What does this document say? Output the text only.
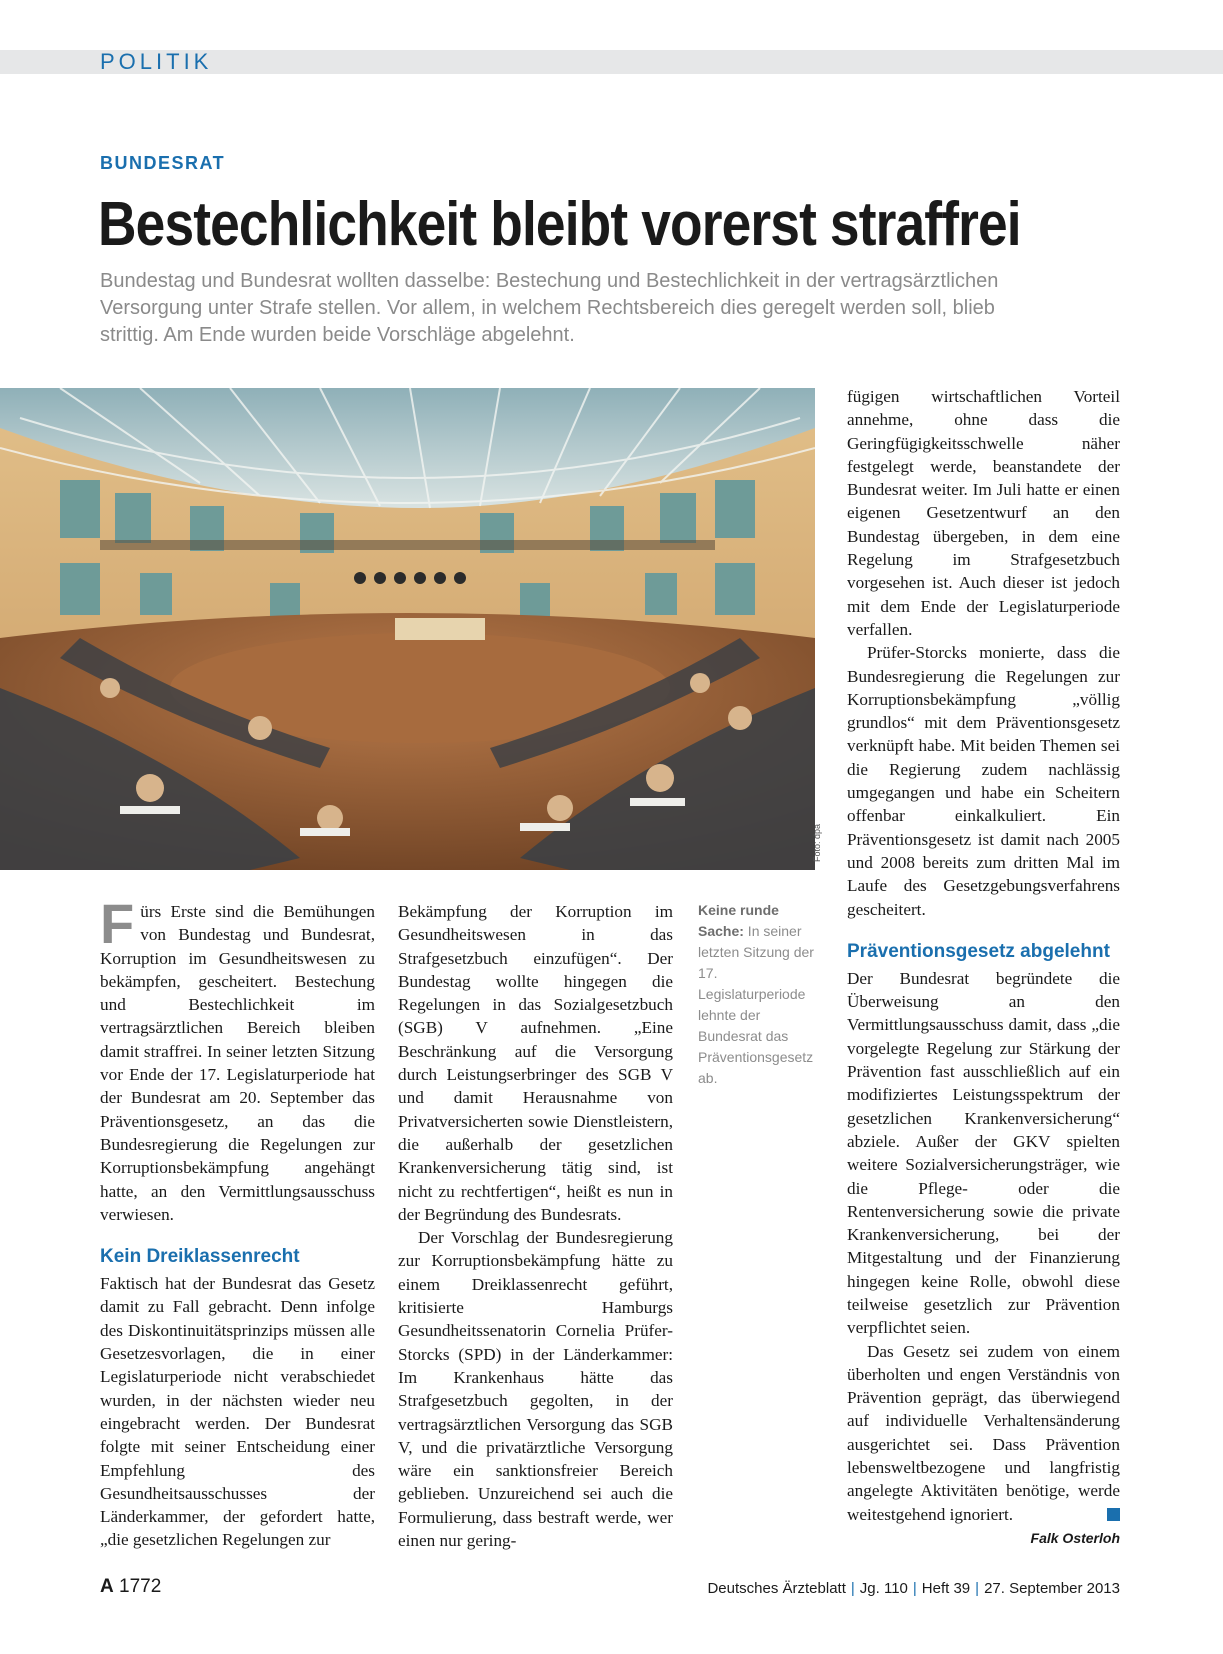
POLITIK
BUNDESRAT
Bestechlichkeit bleibt vorerst straffrei

Bundestag und Bundesrat wollten dasselbe: Bestechung und Bestechlichkeit in der vertragsärztlichen Versorgung unter Strafe stellen. Vor allem, in welchem Rechtsbereich dies geregelt werden soll, blieb strittig. Am Ende wurden beide Vorschläge abgelehnt.

Foto: dpa

Fürs Erste sind die Bemühungen von Bundestag und Bundesrat, Korruption im Gesundheitswesen zu bekämpfen, gescheitert. Bestechung und Bestechlichkeit im vertragsärztlichen Bereich bleiben damit straffrei. In seiner letzten Sitzung vor Ende der 17. Legislaturperiode hat der Bundesrat am 20. September das Präventionsgesetz, an das die Bundesregierung die Regelungen zur Korruptionsbekämpfung angehängt hatte, an den Vermittlungsausschuss verwiesen.

Kein Dreiklassenrecht

Faktisch hat der Bundesrat das Gesetz damit zu Fall gebracht. Denn infolge des Diskontinuitätsprinzips müssen alle Gesetzesvorlagen, die in einer Legislaturperiode nicht verabschiedet wurden, in der nächsten wieder neu eingebracht werden. Der Bundesrat folgte mit seiner Entscheidung einer Empfehlung des Gesundheitsausschusses der Länderkammer, der gefordert hatte, „die gesetzlichen Regelungen zur

Bekämpfung der Korruption im Gesundheitswesen in das Strafgesetzbuch einzufügen“. Der Bundestag wollte hingegen die Regelungen in das Sozialgesetzbuch (SGB) V aufnehmen. „Eine Beschränkung auf die Versorgung durch Leistungserbringer des SGB V und damit Herausnahme von Privatversicherten sowie Dienstleistern, die außerhalb der gesetzlichen Krankenversicherung tätig sind, ist nicht zu rechtfertigen“, heißt es nun in der Begründung des Bundesrats.

Der Vorschlag der Bundesregierung zur Korruptionsbekämpfung hätte zu einem Dreiklassenrecht geführt, kritisierte Hamburgs Gesundheitssenatorin Cornelia Prüfer-Storcks (SPD) in der Länderkammer: Im Krankenhaus hätte das Strafgesetzbuch gegolten, in der vertragsärztlichen Versorgung das SGB V, und die privatärztliche Versorgung wäre ein sanktionsfreier Bereich geblieben. Unzureichend sei auch die Formulierung, dass bestraft werde, wer einen nur gering-

Keine runde Sache: In seiner letzten Sitzung der 17. Legislaturperiode lehnte der Bundesrat das Präventionsgesetz ab.

fügigen wirtschaftlichen Vorteil annehme, ohne dass die Geringfügigkeitsschwelle näher festgelegt werde, beanstandete der Bundesrat weiter. Im Juli hatte er einen eigenen Gesetzentwurf an den Bundestag übergeben, in dem eine Regelung im Strafgesetzbuch vorgesehen ist. Auch dieser ist jedoch mit dem Ende der Legislaturperiode verfallen.

Prüfer-Storcks monierte, dass die Bundesregierung die Regelungen zur Korruptionsbekämpfung „völlig grundlos“ mit dem Präventionsgesetz verknüpft habe. Mit beiden Themen sei die Regierung zudem nachlässig umgegangen und habe ein Scheitern offenbar einkalkuliert. Ein Präventionsgesetz ist damit nach 2005 und 2008 bereits zum dritten Mal im Laufe des Gesetzgebungsverfahrens gescheitert.

Präventionsgesetz abgelehnt

Der Bundesrat begründete die Überweisung an den Vermittlungsausschuss damit, dass „die vorgelegte Regelung zur Stärkung der Prävention fast ausschließlich auf ein modifiziertes Leistungsspektrum der gesetzlichen Krankenversicherung“ abziele. Außer der GKV spielten weitere Sozialversicherungsträger, wie die Pflege- oder die Rentenversicherung sowie die private Krankenversicherung, bei der Mitgestaltung und der Finanzierung hingegen keine Rolle, obwohl diese teilweise gesetzlich zur Prävention verpflichtet seien.

Das Gesetz sei zudem von einem überholten und engen Verständnis von Prävention geprägt, das überwiegend auf individuelle Verhaltensänderung ausgerichtet sei. Dass Prävention lebensweltbezogene und langfristig angelegte Aktivitäten benötige, werde weitestgehend ignoriert.

Falk Osterloh
A 1772	Deutsches Ärzteblatt | Jg. 110 | Heft 39 | 27. September 2013
